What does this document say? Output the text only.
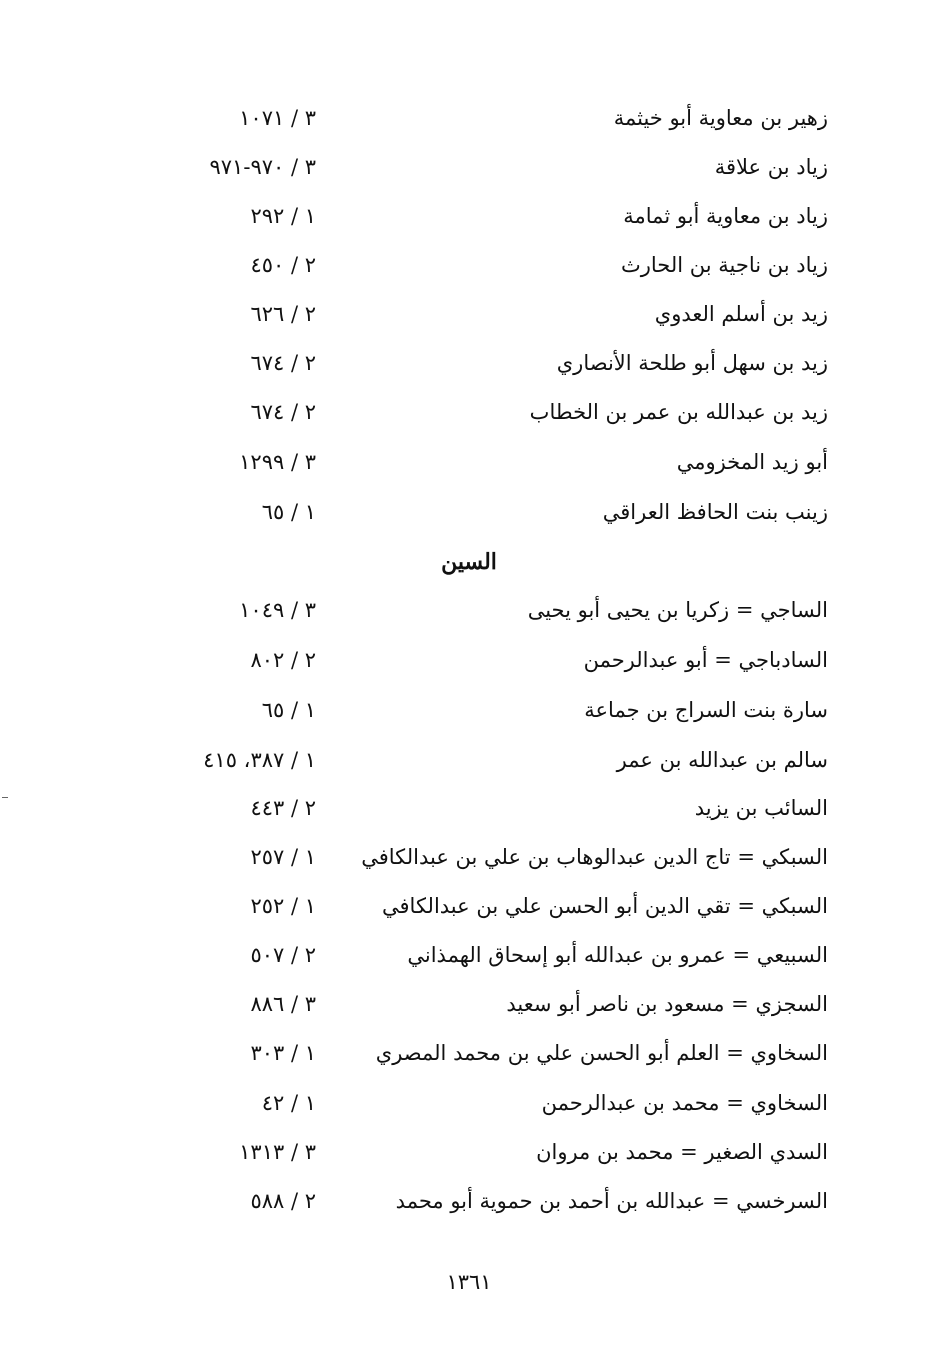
زهير بن معاوية أبو خيثمة
٣ / ١٠٧١
زياد بن علاقة
٣ / ٩٧٠-٩٧١
زياد بن معاوية أبو ثمامة
١ / ٢٩٢
زياد بن ناجية بن الحارث
٢ / ٤٥٠
زيد بن أسلم العدوي
٢ / ٦٢٦
زيد بن سهل أبو طلحة الأنصاري
٢ / ٦٧٤
زيد بن عبدالله بن عمر بن الخطاب
٢ / ٦٧٤
أبو زيد المخزومي
٣ / ١٢٩٩
زينب بنت الحافظ العراقي
١ / ٦٥
السين
الساجي = زكريا بن يحيى أبو يحيى
٣ / ١٠٤٩
السادباجي = أبو عبدالرحمن
٢ / ٨٠٢
سارة بنت السراج بن جماعة
١ / ٦٥
سالم بن عبدالله بن عمر
١ / ٣٨٧، ٤١٥
السائب بن يزيد
٢ / ٤٤٣
السبكي = تاج الدين عبدالوهاب بن علي بن عبدالكافي
١ / ٢٥٧
السبكي = تقي الدين أبو الحسن علي بن عبدالكافي
١ / ٢٥٢
السبيعي = عمرو بن عبدالله أبو إسحاق الهمذاني
٢ / ٥٠٧
السجزي = مسعود بن ناصر أبو سعيد
٣ / ٨٨٦
السخاوي = العلم أبو الحسن علي بن محمد المصري
١ / ٣٠٣
السخاوي = محمد بن عبدالرحمن
١ / ٤٢
السدي الصغير = محمد بن مروان
٣ / ١٣١٣
السرخسي = عبدالله بن أحمد بن حموية أبو محمد
٢ / ٥٨٨
١٣٦١
